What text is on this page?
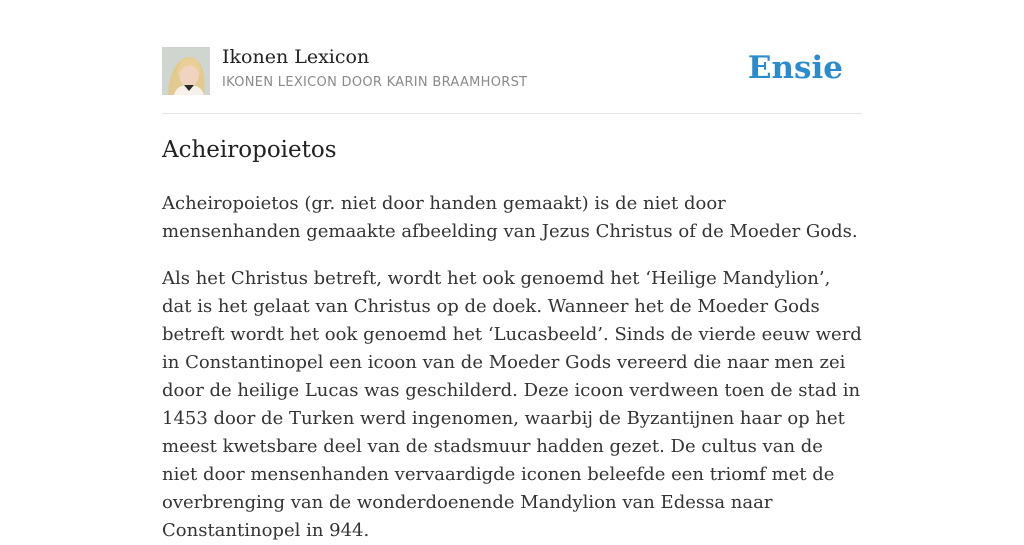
Ikonen Lexicon
IKONEN LEXICON DOOR KARIN BRAAMHORST	Ensie
Acheiropoietos

Acheiropoietos (gr. niet door handen gemaakt) is de niet door mensenhanden gemaakte afbeelding van Jezus Christus of de Moeder Gods.

Als het Christus betreft, wordt het ook genoemd het ‘Heilige Mandylion’, dat is het gelaat van Christus op de doek. Wanneer het de Moeder Gods betreft wordt het ook genoemd het ‘Lucasbeeld’. Sinds de vierde eeuw werd in Constantinopel een icoon van de Moeder Gods vereerd die naar men zei door de heilige Lucas was geschilderd. Deze icoon verdween toen de stad in 1453 door de Turken werd ingenomen, waarbij de Byzantijnen haar op het meest kwetsbare deel van de stadsmuur hadden gezet. De cultus van de niet door mensenhanden vervaardigde iconen beleefde een triomf met de overbrenging van de wonderdoenende Mandylion van Edessa naar Constantinopel in 944.
